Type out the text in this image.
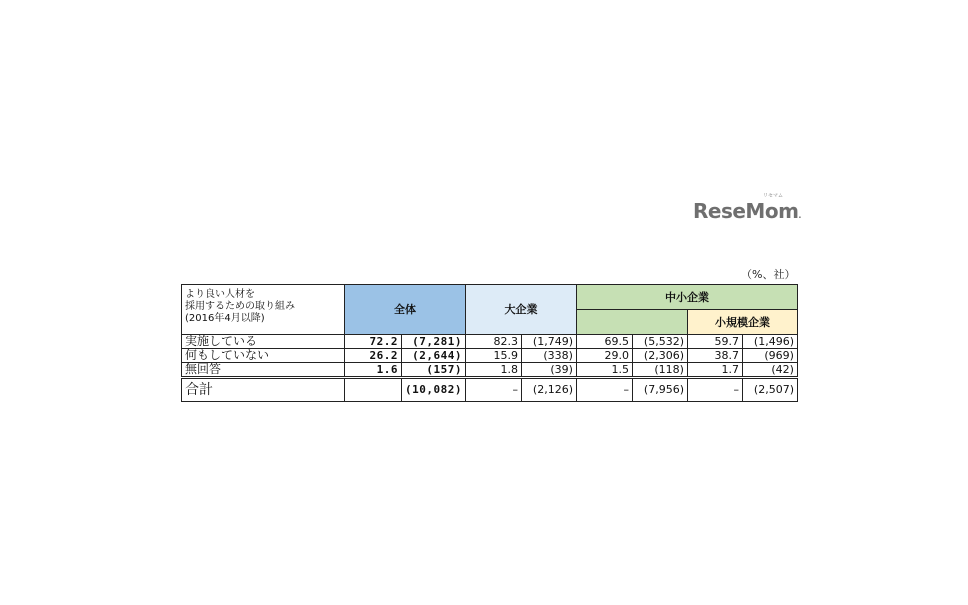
ReseMom.
リセマム
（%、社）
より良い人材を
採用するための取り組み
(2016年4月以降)	全体		大企業		中小企業			
							小規模企業	
実施している	72.2	(7,281)	82.3	(1,749)	69.5	(5,532)	59.7	(1,496)
何もしていない	26.2	(2,644)	15.9	(338)	29.0	(2,306)	38.7	(969)
無回答	1.6	(157)	1.8	(39)	1.5	(118)	1.7	(42)
合計		(10,082)	–	(2,126)	–	(7,956)	–	(2,507)
